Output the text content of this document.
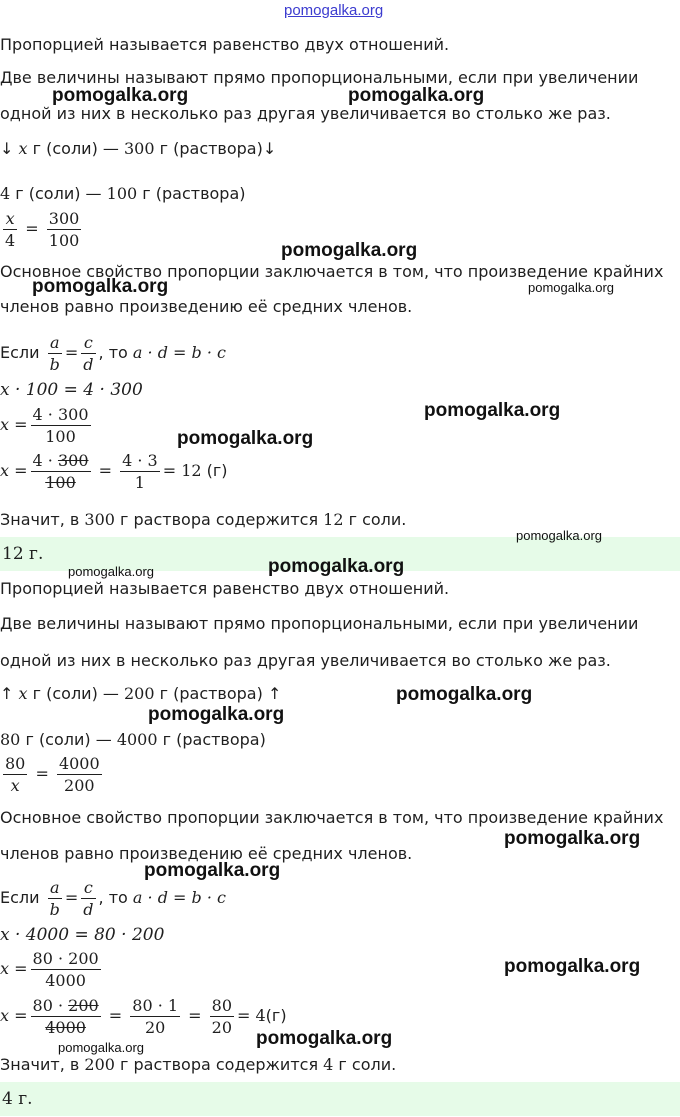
pomogalka.org
Пропорцией называется равенство двух отношений.
Две величины называют прямо пропорциональными, если при увеличении
одной из них в несколько раз другая увеличивается во столько же раз.
↓ x г (соли) — 300 г (раствора)↓
4 г (соли) — 100 г (раствора)
$\frac{x}{4} = \frac{300}{100}$
Основное свойство пропорции заключается в том, что произведение крайних
членов равно произведению её средних членов.
Если $\frac{a}{b} = \frac{c}{d}$ , то a · d = b · c
x · 100 = 4 · 300
$x = \frac{4 \cdot 300}{100}$
$x = \frac{4 \cdot 300}{100} = \frac{4 \cdot 3}{1} = 12$ (г)
Значит, в 300 г раствора содержится 12 г соли.
12 г.
Пропорцией называется равенство двух отношений.
Две величины называют прямо пропорциональными, если при увеличении
одной из них в несколько раз другая увеличивается во столько же раз.
↑ x г (соли) — 200 г (раствора) ↑
80 г (соли) — 4000 г (раствора)
$\frac{80}{x} = \frac{4000}{200}$
Основное свойство пропорции заключается в том, что произведение крайних
членов равно произведению её средних членов.
Если $\frac{a}{b} = \frac{c}{d}$ , то a · d = b · c
x · 4000 = 80 · 200
$x = \frac{80 \cdot 200}{4000}$
$x = \frac{80 \cdot 200}{4000} = \frac{80 \cdot 1}{20} = \frac{80}{20} = 4(г)$
Значит, в 200 г раствора содержится 4 г соли.
4 г.
pomogalka.org	pomogalka.org
pomogalka.org
pomogalka.org	pomogalka.org
pomogalka.org
pomogalka.org
pomogalka.org
pomogalka.org	pomogalka.org
pomogalka.org
pomogalka.org
pomogalka.org
pomogalka.org
pomogalka.org
pomogalka.org
pomogalka.org
